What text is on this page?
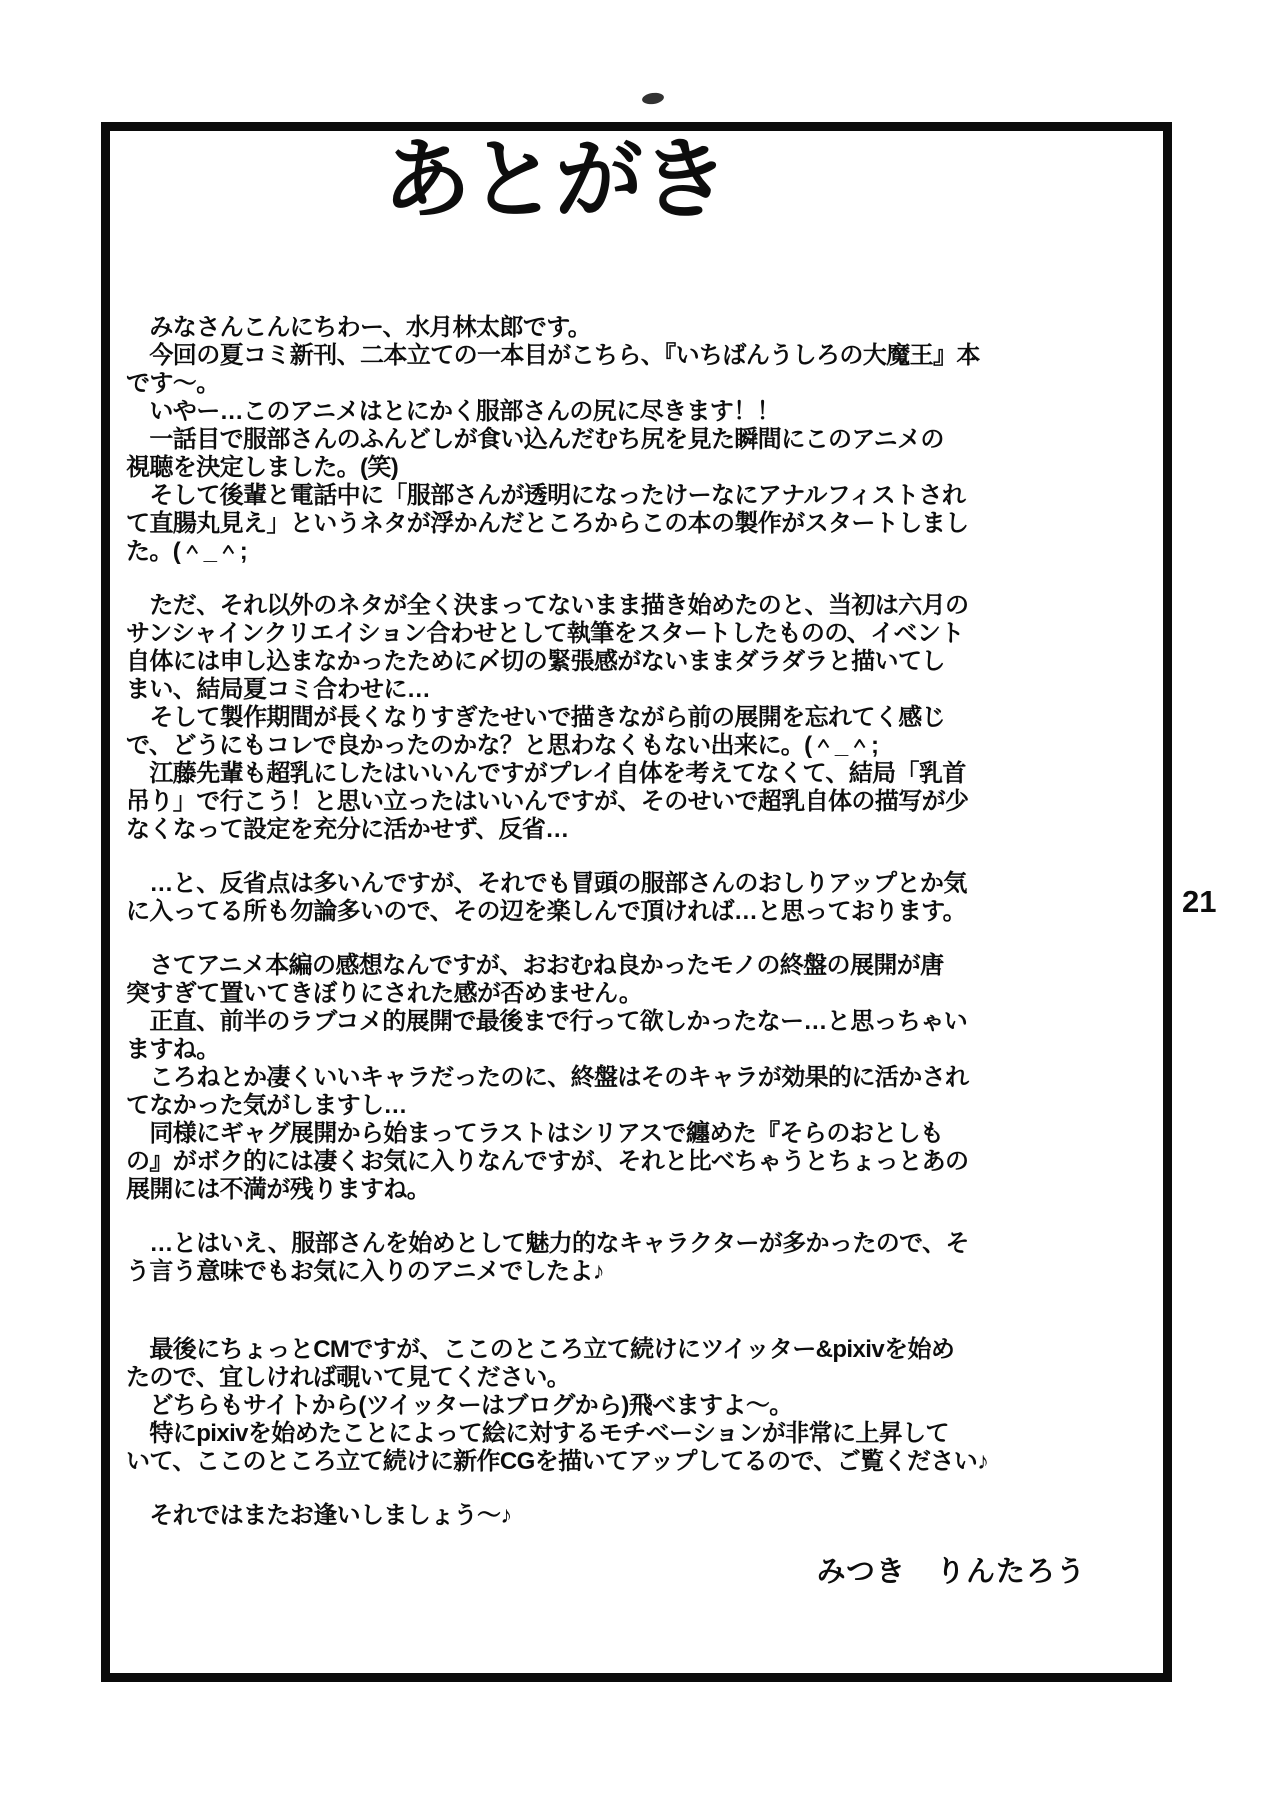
あとがき
　みなさんこんにちわー、水月林太郎です。
　今回の夏コミ新刊、二本立ての一本目がこちら、『いちばんうしろの大魔王』本
です～。
　いやー…このアニメはとにかく服部さんの尻に尽きます！！
　一話目で服部さんのふんどしが食い込んだむち尻を見た瞬間にこのアニメの
視聴を決定しました。(笑)
　そして後輩と電話中に「服部さんが透明になったけーなにアナルフィストされ
て直腸丸見え」というネタが浮かんだところからこの本の製作がスタートしまし
た。(＾_＾;
　ただ、それ以外のネタが全く決まってないまま描き始めたのと、当初は六月の
サンシャインクリエイション合わせとして執筆をスタートしたものの、イベント
自体には申し込まなかったために〆切の緊張感がないままダラダラと描いてし
まい、結局夏コミ合わせに…
　そして製作期間が長くなりすぎたせいで描きながら前の展開を忘れてく感じ
で、どうにもコレで良かったのかな？と思わなくもない出来に。(＾_＾;
　江藤先輩も超乳にしたはいいんですがプレイ自体を考えてなくて、結局「乳首
吊り」で行こう！と思い立ったはいいんですが、そのせいで超乳自体の描写が少
なくなって設定を充分に活かせず、反省…
　…と、反省点は多いんですが、それでも冒頭の服部さんのおしりアップとか気
に入ってる所も勿論多いので、その辺を楽しんで頂ければ…と思っております。
　さてアニメ本編の感想なんですが、おおむね良かったモノの終盤の展開が唐
突すぎて置いてきぼりにされた感が否めません。
　正直、前半のラブコメ的展開で最後まで行って欲しかったなー…と思っちゃい
ますね。
　ころねとか凄くいいキャラだったのに、終盤はそのキャラが効果的に活かされ
てなかった気がしますし…
　同様にギャグ展開から始まってラストはシリアスで纏めた『そらのおとしも
の』がボク的には凄くお気に入りなんですが、それと比べちゃうとちょっとあの
展開には不満が残りますね。
　…とはいえ、服部さんを始めとして魅力的なキャラクターが多かったので、そ
う言う意味でもお気に入りのアニメでしたよ♪
　最後にちょっとCMですが、ここのところ立て続けにツイッター&pixivを始め
たので、宜しければ覗いて見てください。
　どちらもサイトから(ツイッターはブログから)飛べますよ～。
　特にpixivを始めたことによって絵に対するモチベーションが非常に上昇して
いて、ここのところ立て続けに新作CGを描いてアップしてるので、ご覧ください♪
　それではまたお逢いしましょう～♪
みつき　りんたろう
21
